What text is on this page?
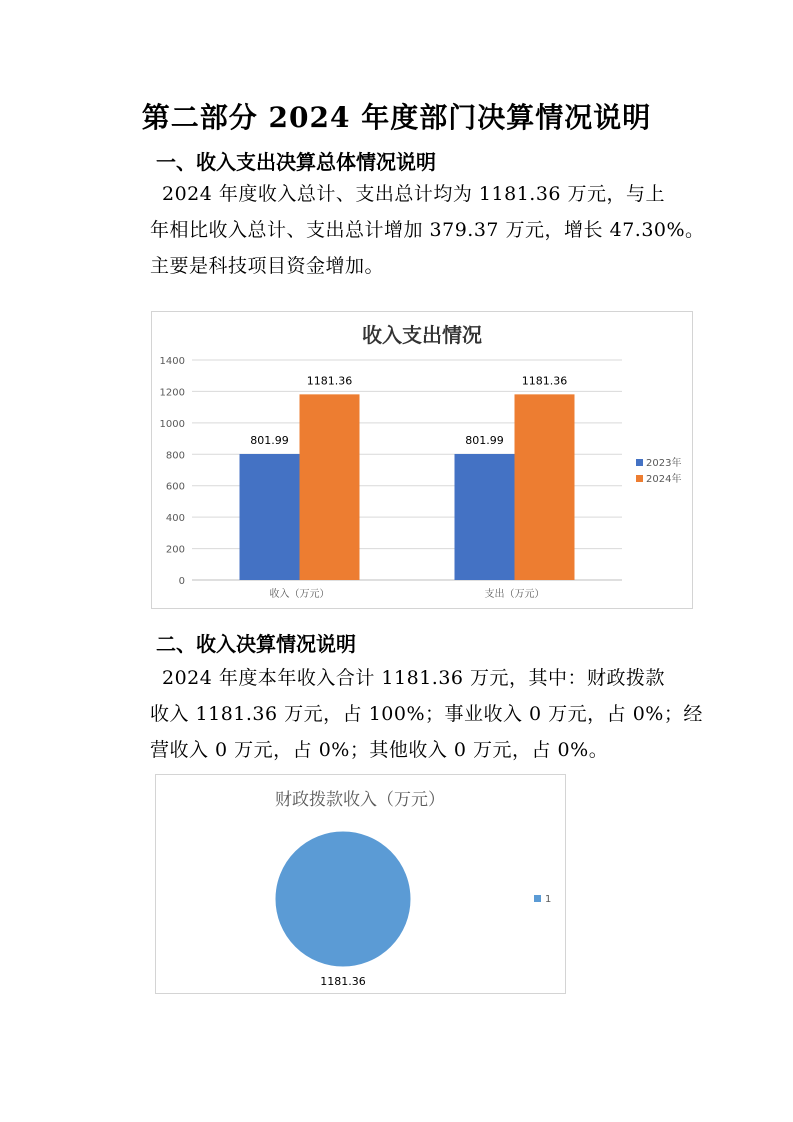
第二部分 2024 年度部门决算情况说明
一、收入支出决算总体情况说明

2024 年度收入总计、支出总计均为 1181.36 万元，与上

年相比收入总计、支出总计增加 379.37 万元，增长 47.30%。

主要是科技项目资金增加。

收入支出情况
0
200
400
600
800
1000
1200
1400
801.99
1181.36
801.99
1181.36
收入（万元）	支出（万元）
2023年
2024年
二、收入决算情况说明

2024 年度本年收入合计 1181.36 万元，其中：财政拨款

收入 1181.36 万元，占 100%；事业收入 0 万元，占 0%；经

营收入 0 万元，占 0%；其他收入 0 万元，占 0%。

财政拨款收入（万元）
1181.36
1
